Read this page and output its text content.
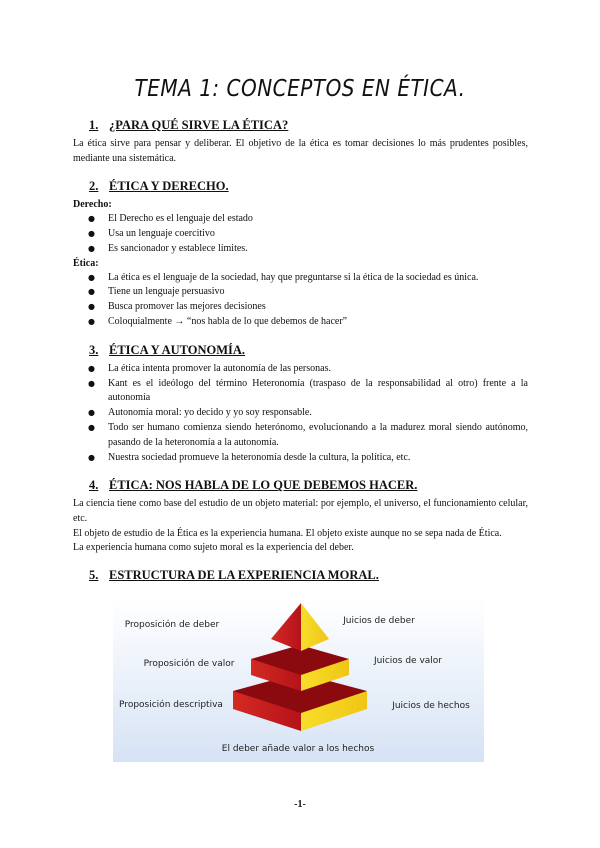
TEMA 1: CONCEPTOS EN ÉTICA.
1. ¿PARA QUÉ SIRVE LA ÉTICA?

La ética sirve para pensar y deliberar. El objetivo de la ética es tomar decisiones lo más prudentes posibles, mediante una sistemática.

2. ÉTICA Y DERECHO.
Derecho:
● El Derecho es el lenguaje del estado
● Usa un lenguaje coercitivo
● Es sancionador y establece límites.
Ética:
● La ética es el lenguaje de la sociedad, hay que preguntarse si la ética de la sociedad es única.
● Tiene un lenguaje persuasivo
● Busca promover las mejores decisiones
● Coloquialmente → “nos habla de lo que debemos de hacer”
3. ÉTICA Y AUTONOMÍA.
● La ética intenta promover la autonomía de las personas.
● Kant es el ideólogo del término Heteronomía (traspaso de la responsabilidad al otro) frente a la autonomía
● Autonomía moral: yo decido y yo soy responsable.
● Todo ser humano comienza siendo heterónomo, evolucionando a la madurez moral siendo autónomo, pasando de la heteronomía a la autonomía.
● Nuestra sociedad promueve la heteronomía desde la cultura, la política, etc.
4. ÉTICA: NOS HABLA DE LO QUE DEBEMOS HACER.

La ciencia tiene como base del estudio de un objeto material: por ejemplo, el universo, el funcionamiento celular, etc.

El objeto de estudio de la Ética es la experiencia humana. El objeto existe aunque no se sepa nada de Ética.

La experiencia humana como sujeto moral es la experiencia del deber.

5. ESTRUCTURA DE LA EXPERIENCIA MORAL.
Proposición de deber
Proposición de valor
Proposición descriptiva
Juicios de deber
Juicios de valor
Juicios de hechos
El deber añade valor a los hechos
-1-
